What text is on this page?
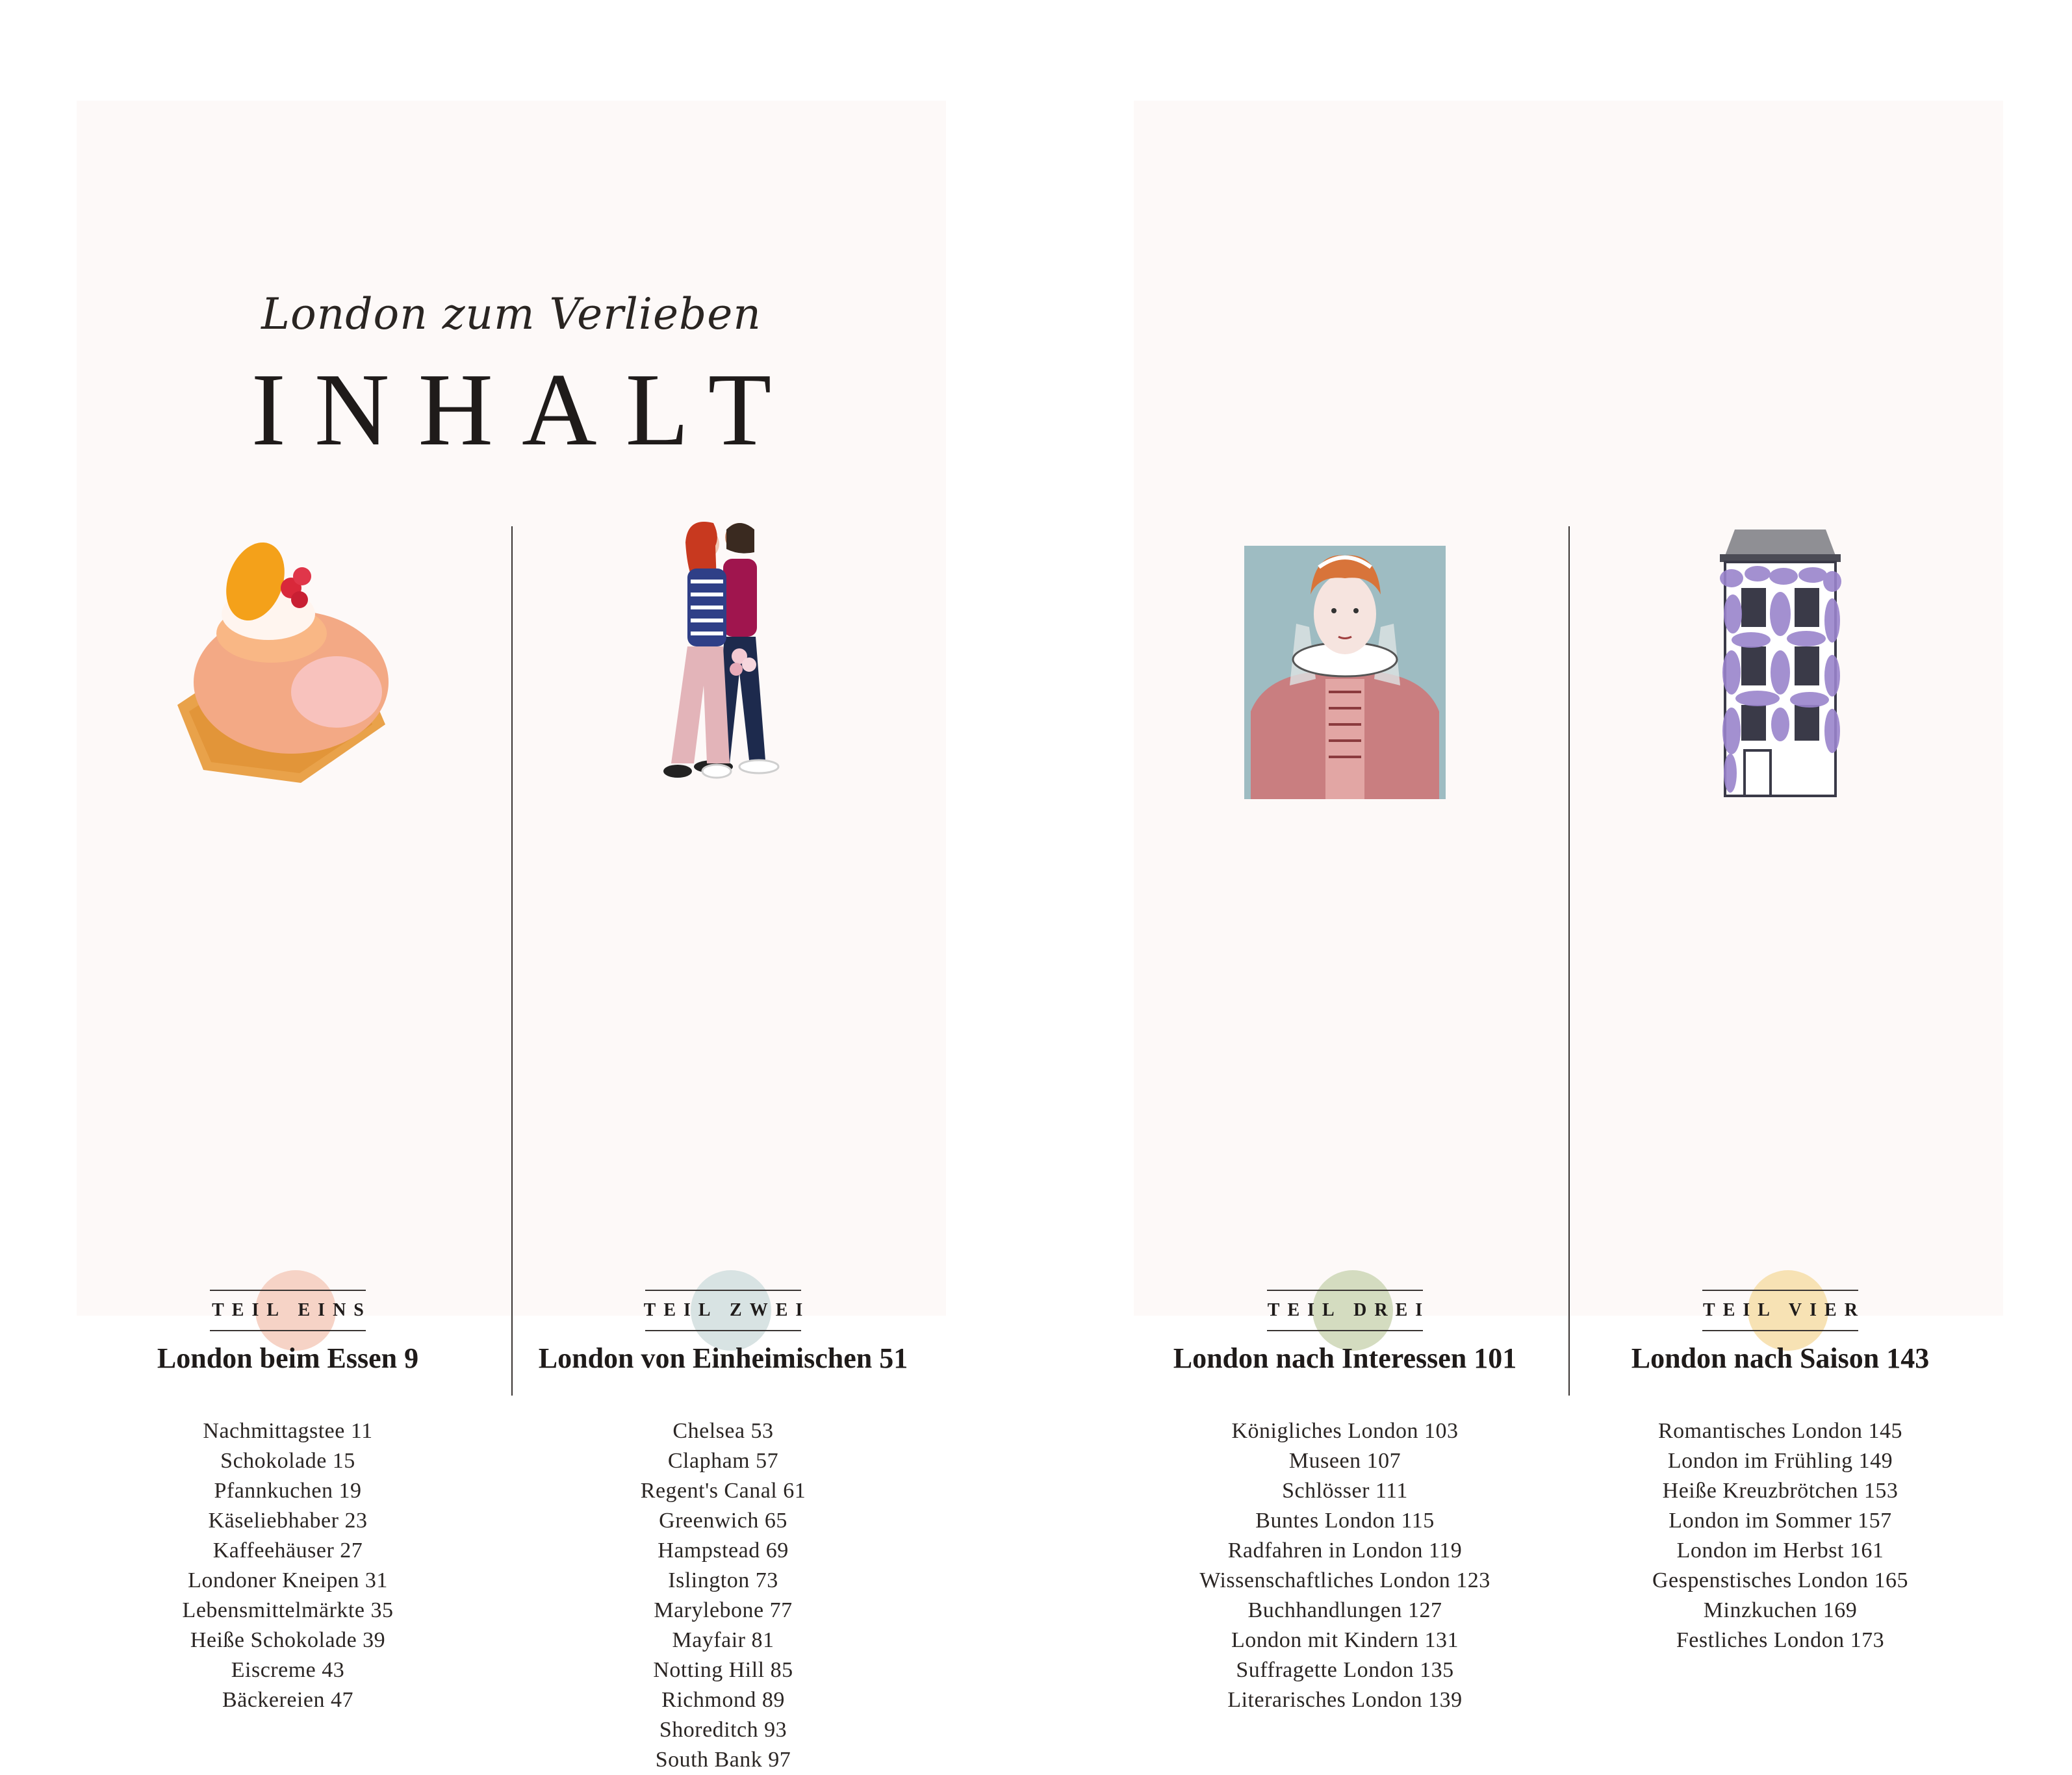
London zum Verlieben
INHALT
TEIL EINS
London beim Essen 9
Nachmittagstee 11
Schokolade 15
Pfannkuchen 19
Käseliebhaber 23
Kaffeehäuser 27
Londoner Kneipen 31
Lebensmittelmärkte 35
Heiße Schokolade 39
Eiscreme 43
Bäckereien 47
TEIL ZWEI
London von Einheimischen 51
Chelsea 53
Clapham 57
Regent's Canal 61
Greenwich 65
Hampstead 69
Islington 73
Marylebone 77
Mayfair 81
Notting Hill 85
Richmond 89
Shoreditch 93
South Bank 97
TEIL DREI
London nach Interessen 101
Königliches London 103
Museen 107
Schlösser 111
Buntes London 115
Radfahren in London 119
Wissenschaftliches London 123
Buchhandlungen 127
London mit Kindern 131
Suffragette London 135
Literarisches London 139
TEIL VIER
London nach Saison 143
Romantisches London 145
London im Frühling 149
Heiße Kreuzbrötchen 153
London im Sommer 157
London im Herbst 161
Gespenstisches London 165
Minzkuchen 169
Festliches London 173
